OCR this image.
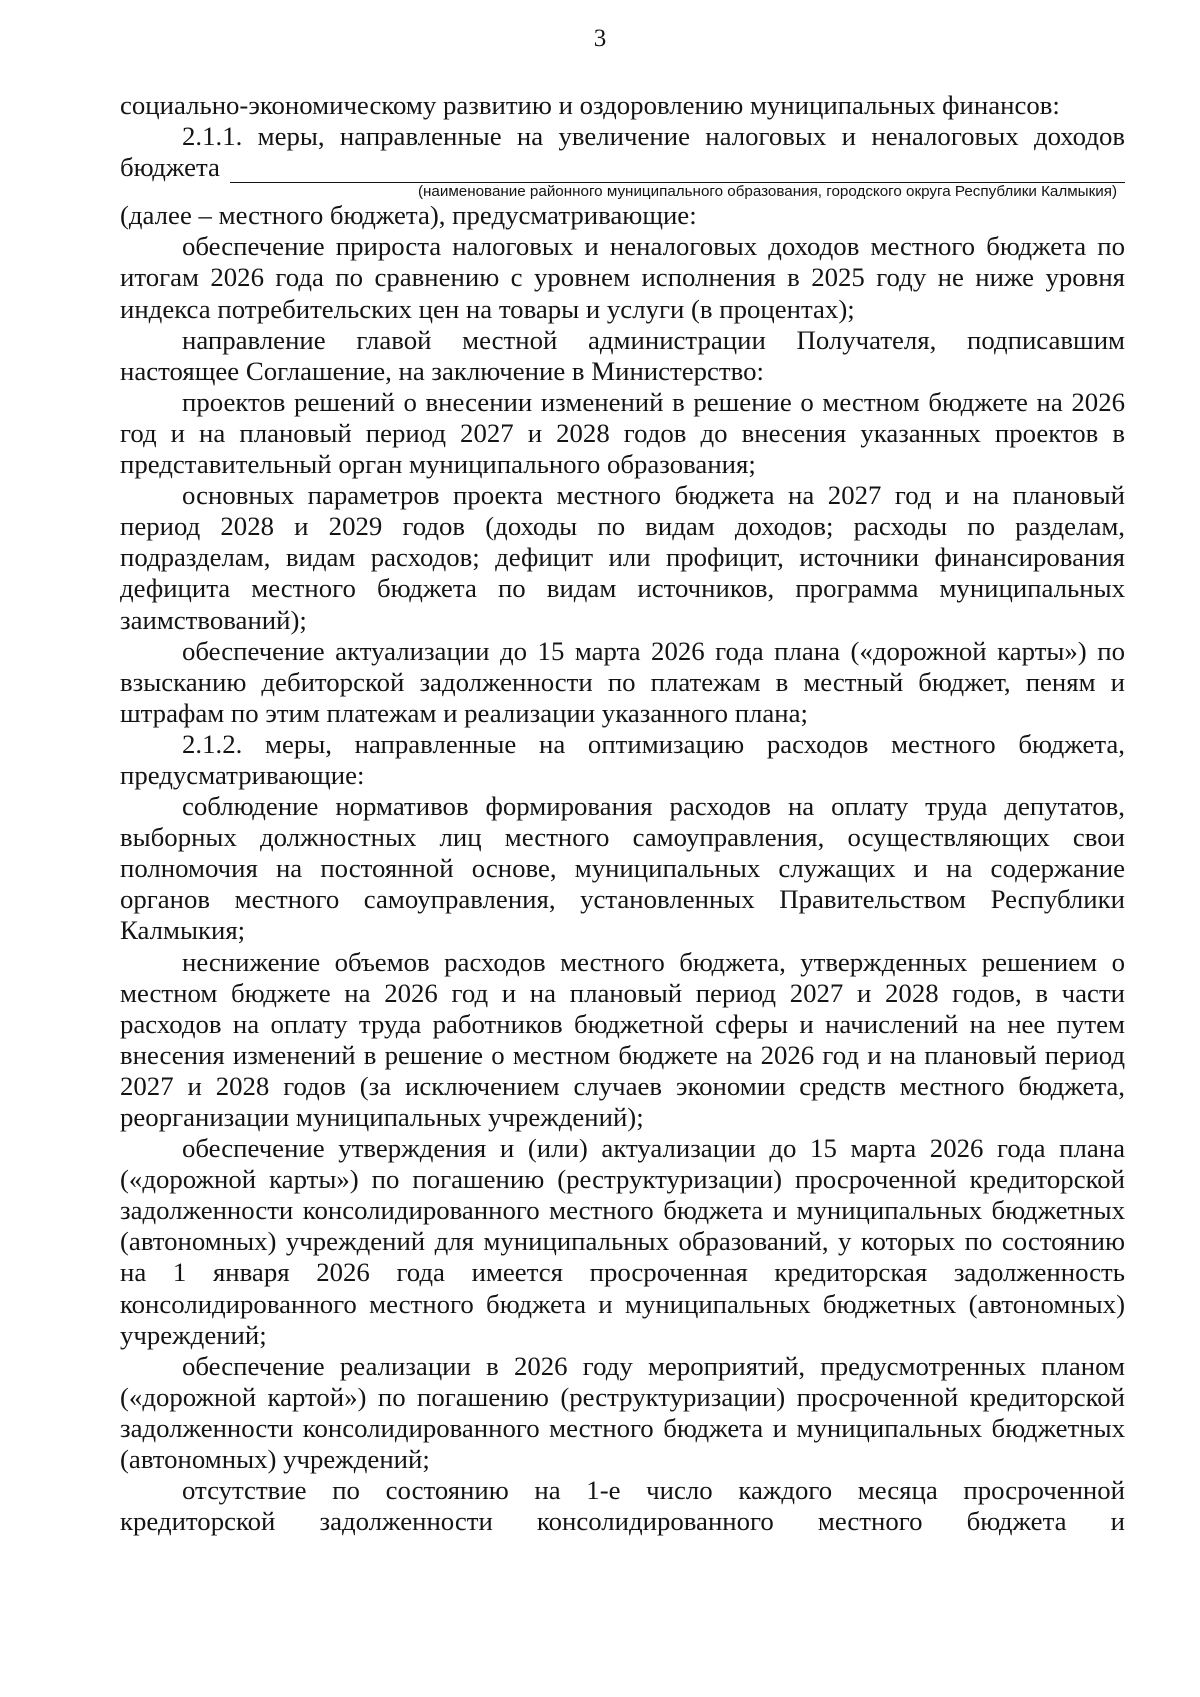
3

социально-экономическому развитию и оздоровлению муниципальных финансов:

2.1.1. меры, направленные на увеличение налоговых и неналоговых доходов

бюджета

(наименование районного муниципального образования, городского округа Республики Калмыкия)

(далее – местного бюджета), предусматривающие:

обеспечение прироста налоговых и неналоговых доходов местного бюджета по итогам 2026 года по сравнению с уровнем исполнения в 2025 году не ниже уровня индекса потребительских цен на товары и услуги (в процентах);

направление главой местной администрации Получателя, подписавшим настоящее Соглашение, на заключение в Министерство:

проектов решений о внесении изменений в решение о местном бюджете на 2026 год и на плановый период 2027 и 2028 годов до внесения указанных проектов в представительный орган муниципального образования;

основных параметров проекта местного бюджета на 2027 год и на плановый период 2028 и 2029 годов (доходы по видам доходов; расходы по разделам, подразделам, видам расходов; дефицит или профицит, источники финансирования дефицита местного бюджета по видам источников, программа муниципальных заимствований);

обеспечение актуализации до 15 марта 2026 года плана («дорожной карты») по взысканию дебиторской задолженности по платежам в местный бюджет, пеням и штрафам по этим платежам и реализации указанного плана;

2.1.2. меры, направленные на оптимизацию расходов местного бюджета, предусматривающие:

соблюдение нормативов формирования расходов на оплату труда депутатов, выборных должностных лиц местного самоуправления, осуществляющих свои полномочия на постоянной основе, муниципальных служащих и на содержание органов местного самоуправления, установленных Правительством Республики Калмыкия;

неснижение объемов расходов местного бюджета, утвержденных решением о местном бюджете на 2026 год и на плановый период 2027 и 2028 годов, в части расходов на оплату труда работников бюджетной сферы и начислений на нее путем внесения изменений в решение о местном бюджете на 2026 год и на плановый период 2027 и 2028 годов (за исключением случаев экономии средств местного бюджета, реорганизации муниципальных учреждений);

обеспечение утверждения и (или) актуализации до 15 марта 2026 года плана («дорожной карты») по погашению (реструктуризации) просроченной кредиторской задолженности консолидированного местного бюджета и муниципальных бюджетных (автономных) учреждений для муниципальных образований, у которых по состоянию на 1 января 2026 года имеется просроченная кредиторская задолженность консолидированного местного бюджета и муниципальных бюджетных (автономных) учреждений;

обеспечение реализации в 2026 году мероприятий, предусмотренных планом («дорожной картой») по погашению (реструктуризации) просроченной кредиторской задолженности консолидированного местного бюджета и муниципальных бюджетных (автономных) учреждений;

отсутствие по состоянию на 1-е число каждого месяца просроченной кредиторской задолженности консолидированного местного бюджета и
